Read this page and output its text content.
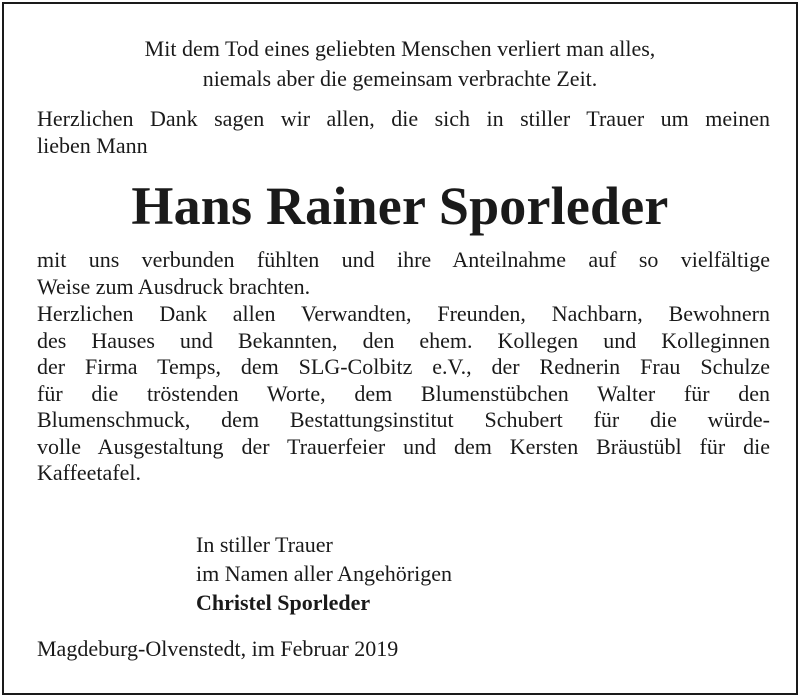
Mit dem Tod eines geliebten Menschen verliert man alles,
niemals aber die gemeinsam verbrachte Zeit.
Herzlichen Dank sagen wir allen, die sich in stiller Trauer um meinen
lieben Mann
Hans Rainer Sporleder
mit uns verbunden fühlten und ihre Anteilnahme auf so vielfältige
Weise zum Ausdruck brachten.
Herzlichen Dank allen Verwandten, Freunden, Nachbarn, Bewohnern
des Hauses und Bekannten, den ehem. Kollegen und Kolleginnen
der Firma Temps, dem SLG-Colbitz e.V., der Rednerin Frau Schulze
für die tröstenden Worte, dem Blumenstübchen Walter für den
Blumenschmuck, dem Bestattungsinstitut Schubert für die würde-
volle Ausgestaltung der Trauerfeier und dem Kersten Bräustübl für die
Kaffeetafel.
In stiller Trauer
im Namen aller Angehörigen
Christel Sporleder
Magdeburg-Olvenstedt, im Februar 2019
